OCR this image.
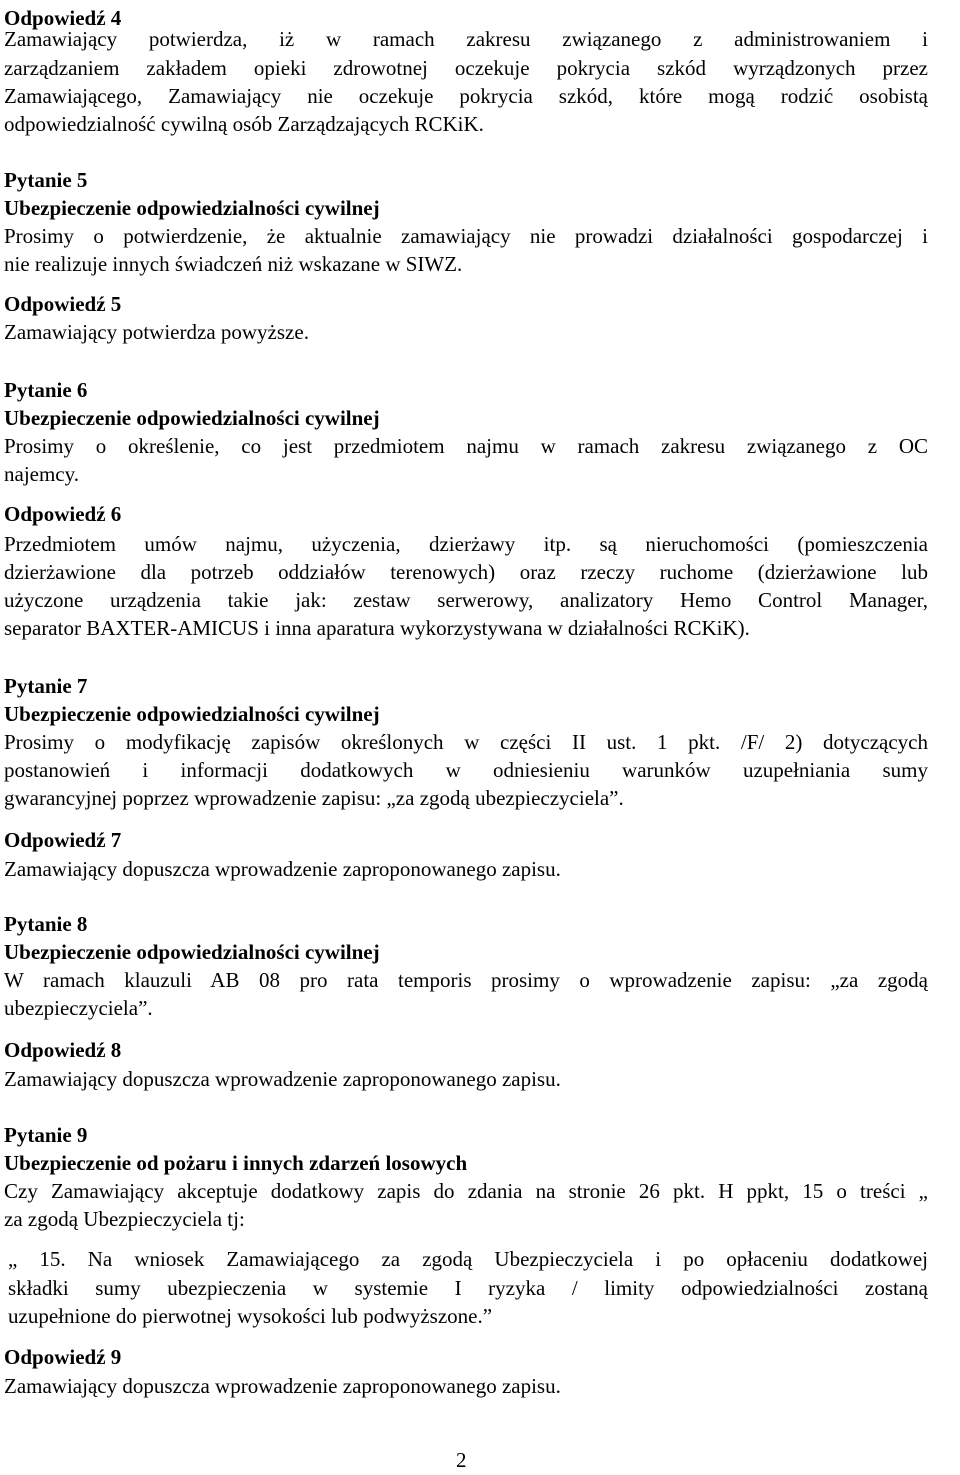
Odpowiedź 4
Zamawiający potwierdza, iż w ramach zakresu związanego z administrowaniem i
zarządzaniem zakładem opieki zdrowotnej oczekuje pokrycia szkód wyrządzonych przez
Zamawiającego, Zamawiający nie oczekuje pokrycia szkód, które mogą rodzić osobistą
odpowiedzialność cywilną osób Zarządzających RCKiK.
Pytanie 5
Ubezpieczenie odpowiedzialności cywilnej
Prosimy o potwierdzenie, że aktualnie zamawiający nie prowadzi działalności gospodarczej i
nie realizuje innych świadczeń niż wskazane w SIWZ.
Odpowiedź 5
Zamawiający potwierdza powyższe.
Pytanie 6
Ubezpieczenie odpowiedzialności cywilnej
Prosimy o określenie, co jest przedmiotem najmu w ramach zakresu związanego z OC
najemcy.
Odpowiedź 6
Przedmiotem umów najmu, użyczenia, dzierżawy itp. są nieruchomości (pomieszczenia
dzierżawione dla potrzeb oddziałów terenowych) oraz rzeczy ruchome (dzierżawione lub
użyczone urządzenia takie jak: zestaw serwerowy, analizatory Hemo Control Manager,
separator BAXTER-AMICUS i inna aparatura wykorzystywana w działalności RCKiK).
Pytanie 7
Ubezpieczenie odpowiedzialności cywilnej
Prosimy o modyfikację zapisów określonych w części II ust. 1 pkt. /F/ 2) dotyczących
postanowień i informacji dodatkowych w odniesieniu warunków uzupełniania sumy
gwarancyjnej poprzez wprowadzenie zapisu: „za zgodą ubezpieczyciela”.
Odpowiedź 7
Zamawiający dopuszcza wprowadzenie zaproponowanego zapisu.
Pytanie 8
Ubezpieczenie odpowiedzialności cywilnej
W ramach klauzuli AB 08 pro rata temporis prosimy o wprowadzenie zapisu: „za zgodą
ubezpieczyciela”.
Odpowiedź 8
Zamawiający dopuszcza wprowadzenie zaproponowanego zapisu.
Pytanie 9
Ubezpieczenie od pożaru i innych zdarzeń losowych
Czy Zamawiający akceptuje dodatkowy zapis do zdania na stronie 26 pkt. H ppkt, 15 o treści „
za zgodą Ubezpieczyciela tj:
„ 15. Na wniosek Zamawiającego za zgodą Ubezpieczyciela i po opłaceniu dodatkowej
składki sumy ubezpieczenia w systemie I ryzyka / limity odpowiedzialności zostaną
uzupełnione do pierwotnej wysokości lub podwyższone.”
Odpowiedź 9
Zamawiający dopuszcza wprowadzenie zaproponowanego zapisu.
2
